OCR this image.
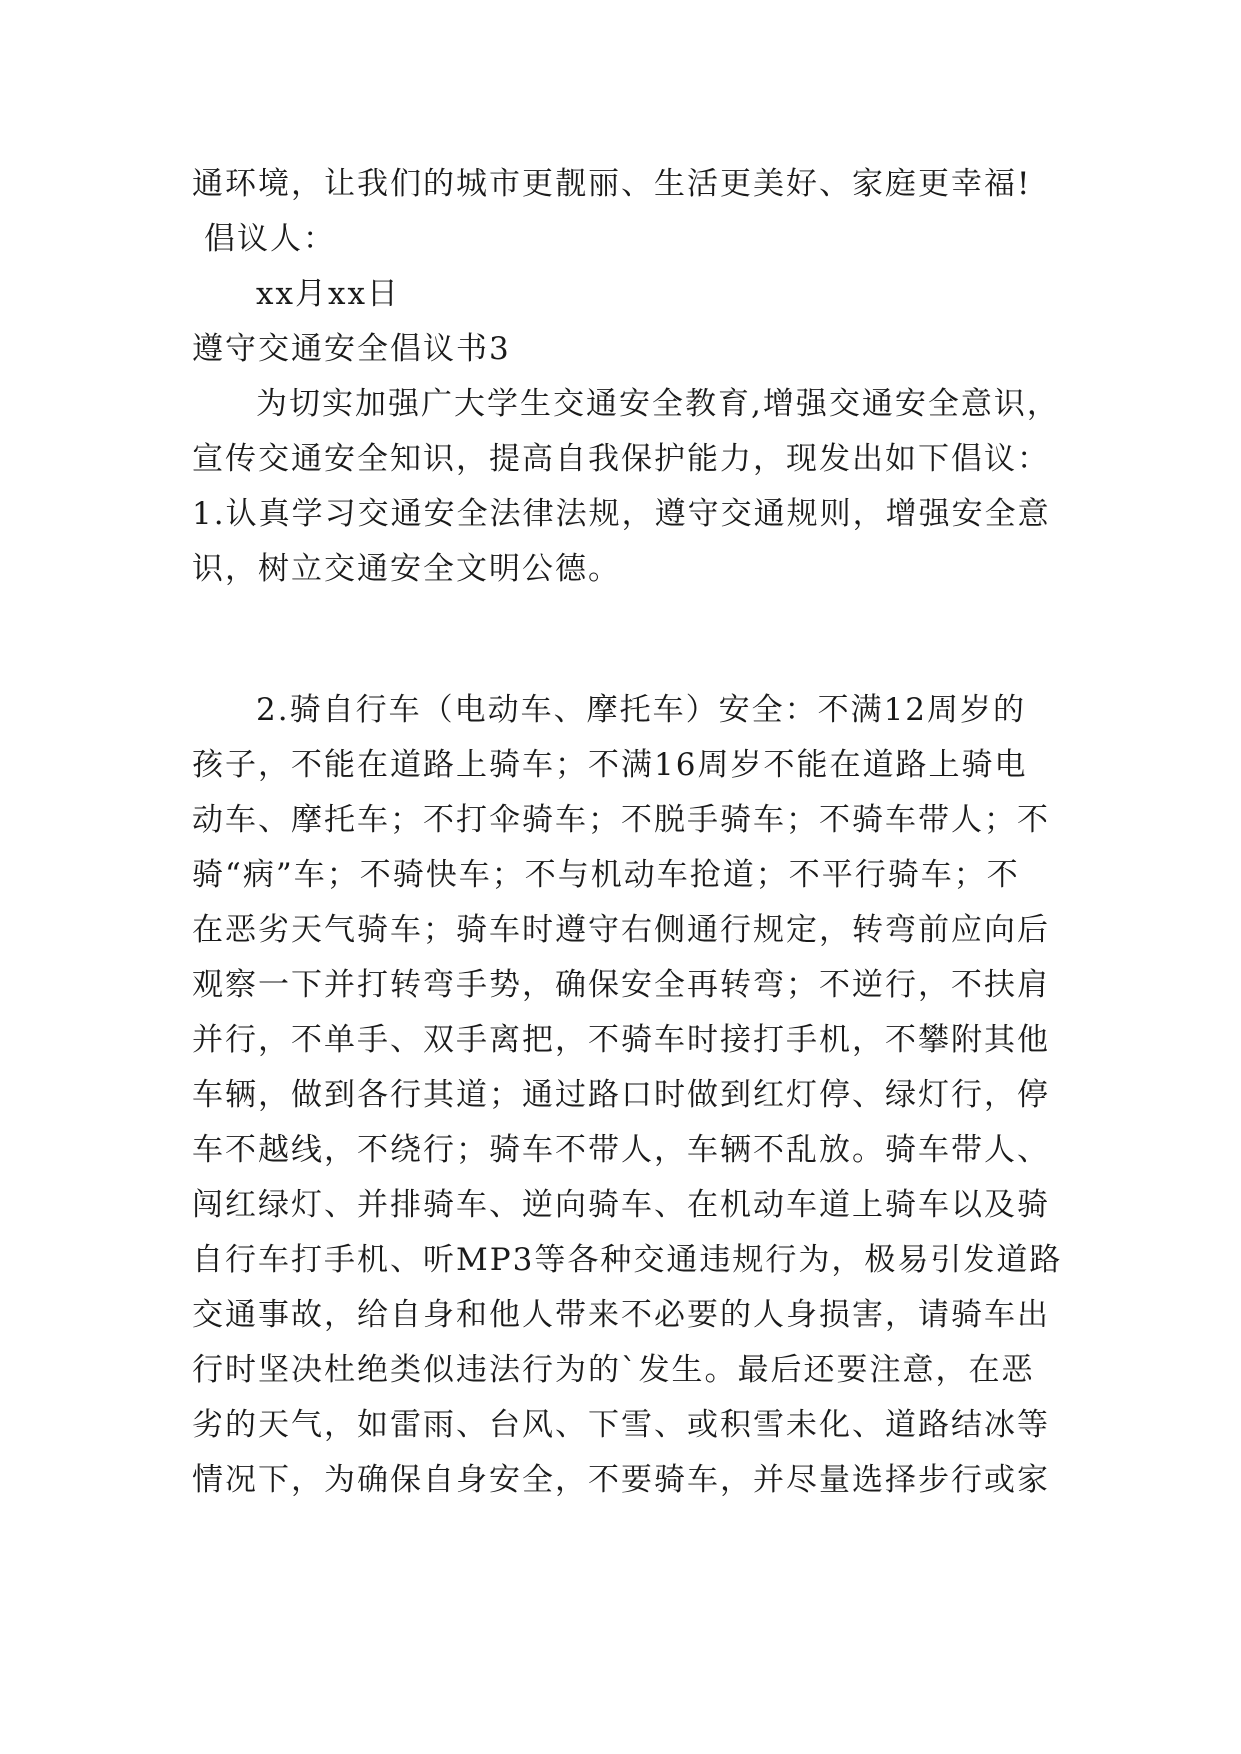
通环境，让我们的城市更靓丽、生活更美好、家庭更幸福!
倡议人：
xx月xx日
遵守交通安全倡议书3
为切实加强广大学生交通安全教育,增强交通安全意识，
宣传交通安全知识，提高自我保护能力，现发出如下倡议：
1.认真学习交通安全法律法规，遵守交通规则，增强安全意
识，树立交通安全文明公德。
2.骑自行车（电动车、摩托车）安全：不满12周岁的
孩子，不能在道路上骑车；不满16周岁不能在道路上骑电
动车、摩托车；不打伞骑车；不脱手骑车；不骑车带人；不
骑“病”车；不骑快车；不与机动车抢道；不平行骑车；不
在恶劣天气骑车；骑车时遵守右侧通行规定，转弯前应向后
观察一下并打转弯手势，确保安全再转弯；不逆行，不扶肩
并行，不单手、双手离把，不骑车时接打手机，不攀附其他
车辆，做到各行其道；通过路口时做到红灯停、绿灯行，停
车不越线，不绕行；骑车不带人，车辆不乱放。骑车带人、
闯红绿灯、并排骑车、逆向骑车、在机动车道上骑车以及骑
自行车打手机、听MP3等各种交通违规行为，极易引发道路
交通事故，给自身和他人带来不必要的人身损害，请骑车出
行时坚决杜绝类似违法行为的`发生。最后还要注意，在恶
劣的天气，如雷雨、台风、下雪、或积雪未化、道路结冰等
情况下，为确保自身安全，不要骑车，并尽量选择步行或家
